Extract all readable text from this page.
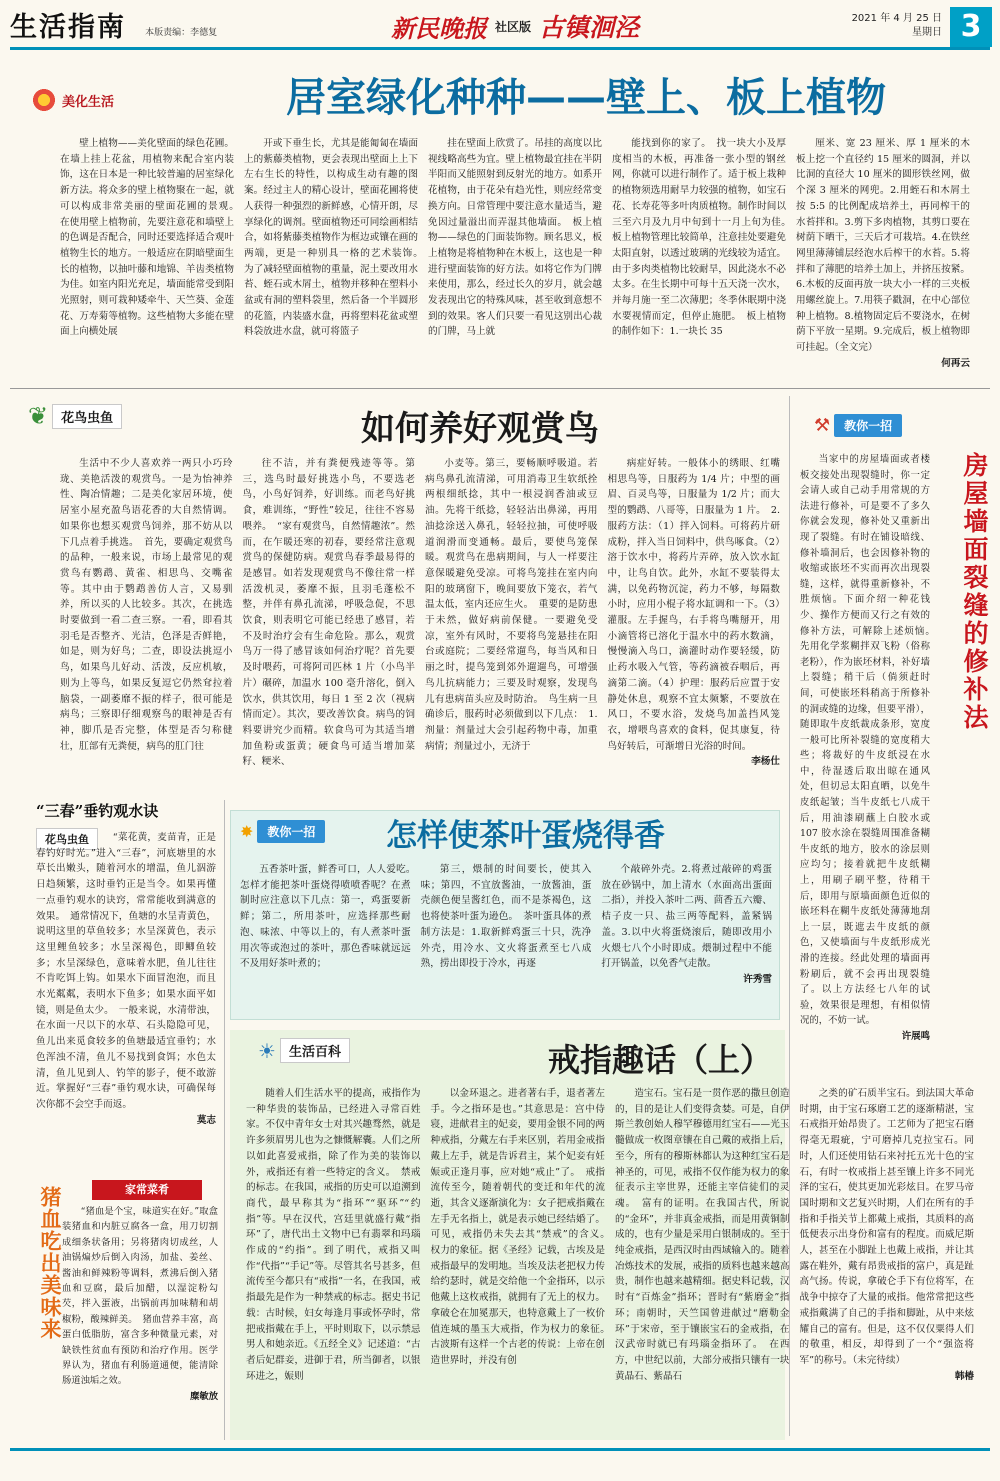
生活指南 本版责编：李德复	新民晚报 社区版 古镇洄泾	2021 年 4 月 25 日
星期日 3
美化生活	居室绿化种种——壁上、板上植物

壁上植物——美化壁面的绿色花圃。在墙上挂上花盆，用植物来配合室内装饰，这在日本是一种比较普遍的居室绿化新方法。将众多的壁上植物聚在一起，就可以构成非常美丽的壁面花圃的景观。　在使用壁上植物前，先要注意花和墙壁上的色调是否配合，同时还要选择适合观叶植物生长的地方。一般适应在阴暗壁面生长的植物，以抽叶藤和地锦、羊齿类植物为佳。如室内阳光充足，墙面能常受到阳光照射，则可栽种矮牵牛、天竺葵、金莲花、万寿菊等植物。这些植物大多能在壁面上向横处展

开或下垂生长，尤其是能匍匐在墙面上的紫藤类植物，更会表现出壁面上上下左右生长的特性，以构成生动有趣的图案。经过主人的精心设计，壁面花圃将使人获得一种强烈的新鲜感，心情开朗，尽享绿化的调剂。壁面植物还可同绘画相结合，如将紫藤类植物作为框边或镶在画的两端，更是一种别具一格的艺术装饰。　为了减轻壁面植物的重量，泥土要改用水苔、蛭石或木屑土，植物并移种在塑料小盆或有洞的塑料袋里，然后备一个半圆形的花篮，内装盛水盘，再将塑料花盆或塑料袋放进水盘，就可将篮子

挂在壁面上欣赏了。吊挂的高度以比视线略高些为宜。壁上植物最宜挂在半阴半阳而又能照射到反射光的地方。如系开花植物，由于花朵有趋光性，则应经常变换方向。日常管理中要注意水量适当，避免因过量溢出而弄湿其他墙面。　板上植物——绿色的门面装饰物。顾名思义，板上植物是将植物种在木板上，这也是一种进行壁面装饰的好方法。如将它作为门牌来使用，那么，经过长久的岁月，就会越发表现出它的特殊风味，甚至收到意想不到的效果。客人们只要一看见这别出心裁的门牌，马上就

能找到你的家了。　找一块大小及厚度相当的木板，再准备一张小型的钢丝网，你就可以进行制作了。适于板上栽种的植物须选用耐旱力较强的植物，如宝石花、长寿花等多叶肉质植物。制作时间以三至六月及九月中旬到十一月上旬为佳。　板上植物管理比较简单，注意挂处要避免太阳直射，以透过玻璃的光线较为适宜。由于多肉类植物比较耐旱，因此浇水不必太多。在生长期中可每十五天浇一次水，并每月施一至二次薄肥；冬季休眠期中浇水要视情而定，但停止施肥。　板上植物的制作如下：1.一块长 35

厘米、宽 23 厘米、厚 1 厘米的木板上挖一个直径约 15 厘米的圆洞，并以比洞的直径大 10 厘米的圆形铁丝网，做个深 3 厘米的网兜。2.用蛭石和木屑土按 5:5 的比例配成培养土，再同榨干的水苔拌和。3.剪下多肉植物，其剪口要在树荫下晒干，三天后才可栽培。4.在铁丝网里薄薄铺层经泡水后榨干的水苔。5.将拌和了薄肥的培养土加上，并挤压按紧。6.木板的反面再放一块大小一样的三夹板用螺丝旋上。7.用筷子戳洞，在中心部位种上植物。8.植物固定后不要浇水，在树荫下平放一星期。9.完成后，板上植物即可挂起。（全文完）

何再云

❦	花鸟虫鱼	如何养好观赏鸟

生活中不少人喜欢养一两只小巧玲珑、美艳活泼的观赏鸟。一是为怡神养性、陶冶情趣；二是美化家居环境，使居室小屋充盈鸟语花香的大自然情调。如果你也想买观赏鸟饲养，那不妨从以下几点着手挑选。　首先，要确定观赏鸟的品种，一般来说，市场上最常见的观赏鸟有鹦鹉、黄雀、相思鸟、交嘴雀等。其中由于鹦鹉善仿人言，又易驯养，所以买的人比较多。其次，在挑选时要做到一看二查三察。一看，即看其羽毛是否整齐、光洁，色泽是否鲜艳，如是，则为好鸟；二查，即设法挑逗小鸟，如果鸟儿好动、活泼，反应机敏，则为上等鸟，如果反复逗它仍然耷拉着脑袋，一副萎靡不振的样子，很可能是病鸟；三察即仔细观察鸟的眼神是否有神，脚爪是否完整，体型是否匀称健壮，肛部有无粪便，病鸟的肛门往

往不洁，并有粪便残迹等等。第三，选鸟时最好挑选小鸟，不要选老鸟，小鸟好饲养，好训练。而老鸟好挑食，难训练，“野性”较足，往往不容易喂养。　“家有观赏鸟，自然情趣浓”。然而，在乍暖还寒的初春，要经常注意观赏鸟的保健防病。观赏鸟春季最易得的是感冒。如若发现观赏鸟不像往常一样活泼机灵，萎靡不振，且羽毛蓬松不整，并伴有鼻孔流涕，呼吸急促，不思饮食，则表明它可能已经患了感冒，若不及时治疗会有生命危险。那么，观赏鸟万一得了感冒该如何治疗呢？首先要及时喂药，可将阿司匹林 1 片（小鸟半片）碾碎，加温水 100 毫升溶化，倒入饮水，供其饮用，每日 1 至 2 次（视病情而定）。其次，要改善饮食。病鸟的饲料要讲究少而精。软食鸟可为其适当增加鱼粉或蛋黄；硬食鸟可适当增加菜籽、粳米、

小麦等。第三，要畅顺呼吸道。若病鸟鼻孔流清涕，可用消毒卫生软纸拴两根细纸捻，其中一根浸润香油或豆油。先将干纸捻，轻轻沾出鼻涕，再用油捻涂送入鼻孔，轻轻拉抽，可使呼吸道润滑而变通畅。最后，要使鸟笼保暖。观赏鸟在患病期间，与人一样要注意保暖避免受凉。可将鸟笼挂在室内向阳的玻璃窗下，晚间要放下笼衣，若气温太低，室内还应生火。　重要的是防患于未然，做好病前保健。一要避免受凉，室外有风时，不要将鸟笼悬挂在阳台或庭院；二要经常遛鸟，每当风和日丽之时，提鸟笼到郊外遛遛鸟，可增强鸟儿抗病能力；三要及时观察，发现鸟儿有患病苗头应及时防治。　鸟生病一旦确诊后，服药时必须做到以下几点：　1.剂量：剂量过大会引起药物中毒，加重病情；剂量过小，无济于

病症好转。一般体小的绣眼、红嘴相思鸟等，日服药为 1/4 片；中型的画眉、百灵鸟等，日服量为 1/2 片；而大型的鹦鹉、八哥等，日服量为 1 片。　2.服药方法：（1）拌入饲料。可将药片研成粉，拌入当日饲料中，供鸟啄食。（2）溶于饮水中，将药片弄碎，放入饮水缸中，让鸟自饮。此外，水缸不要装得太满，以免药物沉淀，药力不够，每隔数小时，应用小棍子将水缸调和一下。（3）灌服。左手握鸟，右手将鸟嘴掰开，用小滴管将已溶化于温水中的药水数滴，慢慢滴入鸟口，滴灌时动作要轻缓，防止药水吸入气管，等药滴被吞咽后，再滴第二滴。（4）护理：服药后应置于安静处休息，观察不宜太频繁，不要放在风口，不要水浴，发烧鸟加盖挡风笼衣，增喂鸟喜欢的食料，促其康复，待鸟好转后，可渐增日光浴的时间。

李杨仕

⚒	教你一招
房屋墙面裂缝的修补法

当家中的房屋墙面或者楼板交接处出现裂缝时，你一定会请人或自己动手用常规的方法进行修补，可是要不了多久你就会发现，修补处又重新出现了裂缝。有时在铺设暗线、修补墙洞后，也会因修补物的收缩或嵌坯不实而再次出现裂缝，这样，就得重新修补，不胜烦恼。下面介绍一种花钱少、操作方便而又行之有效的修补方法，可解除上述烦恼。　先用化学浆糊拌双飞粉（俗称老粉），作为嵌坯材料，补好墙上裂缝；稍干后（倘须赶时间，可使嵌坯料稍高于所修补的洞或缝的边缘，但要平滑），随即取牛皮纸裁成条形，宽度一般可比所补裂缝的宽度稍大些；将裁好的牛皮纸浸在水中，待湿透后取出晾在通风处，但切忌太阳直晒，以免牛皮纸起皱；当牛皮纸七八成干后，用油漆刷蘸上白胶水或 107 胶水涂在裂缝周围准备糊牛皮纸的地方，胶水的涂层则应均匀；接着就把牛皮纸糊上，用刷子刷平整，待稍干后，即用与原墙面颜色近似的嵌坯料在糊牛皮纸处薄薄地刮上一层，既遮去牛皮纸的颜色，又使墙面与牛皮纸形成光滑的连接。经此处理的墙面再粉刷后，就不会再出现裂缝了。以上方法经七八年的试验，效果很是理想，有相似情况的，不妨一试。

许展鸣

“三春”垂钓观水诀
花鸟虫鱼	“菜花黄，麦苗青，正是春钓好时光。”进入“三春”，河底塘里的水草长出嫩头，随着河水的增温，鱼儿泅游日趋频繁，这时垂钓正是当令。如果再懂一点垂钓观水的诀窍，常常能收到满意的效果。　通常情况下，鱼塘的水呈青黄色，说明这里的草鱼较多；水呈深黄色，表示这里鲤鱼较多；水呈深褐色，即鲫鱼较多；水呈深绿色，意味着水肥，鱼儿往往不肯吃饵上钩。如果水下面冒泡泡，而且水光粼粼，表明水下鱼多；如果水面平如镜，则是鱼太少。　一般来说，水清带浊，在水面一尺以下的水草、石头隐隐可见，鱼儿出来觅食较多的鱼塘最适宜垂钓；水色浑浊不清，鱼儿不易找到食饵；水色太清，鱼儿见到人、钓竿的影子，便不敢游近。掌握好“三春”垂钓观水诀，可确保每次你都不会空手而返。

莫志

✸	教你一招	怎样使茶叶蛋烧得香

五香茶叶蛋，鲜香可口，人人爱吃。　怎样才能把茶叶蛋烧得喷喷香呢？在煮制时应注意以下几点：第一，鸡蛋要新鲜；第二，所用茶叶，应选择那些耐泡、味浓、中等以上的，有人煮茶叶蛋用次等或泡过的茶叶，那色香味就远远不及用好茶叶煮的；

第三，煨制的时间要长，使其入味；第四，不宜放酱油，一放酱油，蛋壳颜色便呈酱红色，而不是茶褐色，这也将使茶叶蛋为逊色。　茶叶蛋具体的煮制方法是：1.取新鲜鸡蛋三十只，洗净外壳，用冷水、文火将蛋煮至七八成熟，捞出即投于冷水，再逐

个敲碎外壳。2.将煮过敲碎的鸡蛋放在砂锅中，加上清水（水面高出蛋面二指），并投入茶叶二两、茴香五六瓣、桔子皮一只、盐三两等配料，盖紧锅盖。3.以中火将蛋烧滚后，随即改用小火煨七八个小时即成。煨制过程中不能打开锅盖，以免香气走散。

许秀雪

家常菜肴
猪血吃出美味来	“猪血是个宝，味道实在好。”取盒装猪血和内脏豆腐各一盒，用刀切割成细条状备用；另将猪肉切成丝，人油锅煸炒后倒入肉汤，加盐、姜丝、酱油和鲜辣粉等调料，煮沸后倒入猪血和豆腐，最后加醋，以湿淀粉勾芡，拌入蛋液，出锅前再加味精和胡椒粉，酸辣鲜美。　猪血营养丰富，高蛋白低脂肪，富含多种微量元素，对缺铁性贫血有预防和治疗作用。医学界认为，猪血有利肠道通便，能清除肠道浊垢之效。

糜敏放

☀	生活百科	戒指趣话（上）

随着人们生活水平的提高，戒指作为一种华贵的装饰品，已经进入寻常百姓家。不仅中青年女士对其兴趣骛然，就是许多须眉男儿也为之慷慨解囊。人们之所以如此喜爱戒指，除了作为美的装饰以外，戒指还有着一些特定的含义。　禁戒的标志。在我国，戒指的历史可以追溯到商代，最早称其为“指环”“驱环”“约指”等。早在汉代，宫廷里就盛行戴“指环”了，唐代出土文物中已有翡翠和玛瑙作成的“约指”。到了明代，戒指又叫作“代指”“手记”等。尽管其名号甚多，但流传至今都只有“戒指”一名，在我国，戒指最先是作为一种禁戒的标志。据史书记载：古时候，妇女每逢月事或怀孕时，常把戒指戴在手上，平时则取下，以示禁忌男人和她亲近。《五经全义》记述道：“古者后妃群妾，进御于君，所当御者，以银环进之，娠则

以金环退之。进者著右手，退者著左手。今之指环是也。”其意思是：宫中侍寝，进献君主的妃妾，要用金银不同的两种戒指，分戴左右手来区别，若用金戒指戴上左手，就是告诉君主，某个妃妾有妊娠或正逢月事，应对她“戒止”了。　戒指流传至今，随着朝代的变迁和年代的流逝，其含义逐渐演化为：女子把戒指戴在左手无名指上，就是表示她已经结婚了。可见，戒指仍未失去其“禁戒”的含义。　权力的象征。据《圣经》记载，古埃及是戒指最早的发明地。当埃及法老把权力传给约瑟时，就是交给他一个金指环，以示他戴上这枚戒指，就拥有了无上的权力。拿破仑在加冕那天，也特意戴上了一枚价值连城的墨玉大戒指，作为权力的象征。　古波斯有这样一个古老的传说：上帝在创造世界时，并没有创

造宝石。宝石是一贯作恶的撒旦创造的，目的是让人们变得贪婪。可是，自伊斯兰教创始人穆罕穆德用红宝石——光玉髓做成一枚图章镶在自己戴的戒指上后，至今，所有的穆斯林都认为这种红宝石是神圣的，可见，戒指不仅作能为权力的象征表示主宰世界，还能主宰信徒们的灵魂。　富有的证明。在我国古代，所说的“金环”，并非真金戒指，而是用黄铜制成的，也有少量是采用白银制成的。至于纯金戒指，是西汉时由西域输入的。随着冶炼技术的发展，戒指的质料也越来越高贵，制作也越来越精细。据史料记载，汉时有“百炼金”指环；晋时有“紫磨金”指环；南朝时，天竺国曾进献过“磨勒金环”于宋帝，至于镶嵌宝石的金戒指，在汉武帝时就已有玛瑙金指环了。　在西方，中世纪以前，大部分戒指只镶有一块黄晶石、紫晶石

之类的矿石质半宝石。到法国大革命时期，由于宝石琢磨工艺的逐渐精湛，宝石戒指开始昂贵了。工艺师为了把宝石磨得毫无瑕疵，宁可磨掉几克拉宝石。同时，人们还使用钻石来衬托五光十色的宝石，有时一枚戒指上甚至镶上许多不同光泽的宝石，使其更加光彩炫目。在罗马帝国时期和文艺复兴时期，人们在所有的手指和手指关节上都戴上戒指，其质料的高低便表示出身份和富有的程度。而威尼斯人，甚至在小脚趾上也戴上戒指，并让其露在鞋外，戴有昂贵戒指的富户，真是趾高气扬。传说，拿破仑手下有位将军，在战争中掠夺了大量的戒指。他常常把这些戒指戴满了自己的手指和脚趾，从中来炫耀自己的富有。但是，这不仅仅粟得人们的敬重，相反，却得到了一个“强盗将军”的称号。（未完待续）

韩椿
